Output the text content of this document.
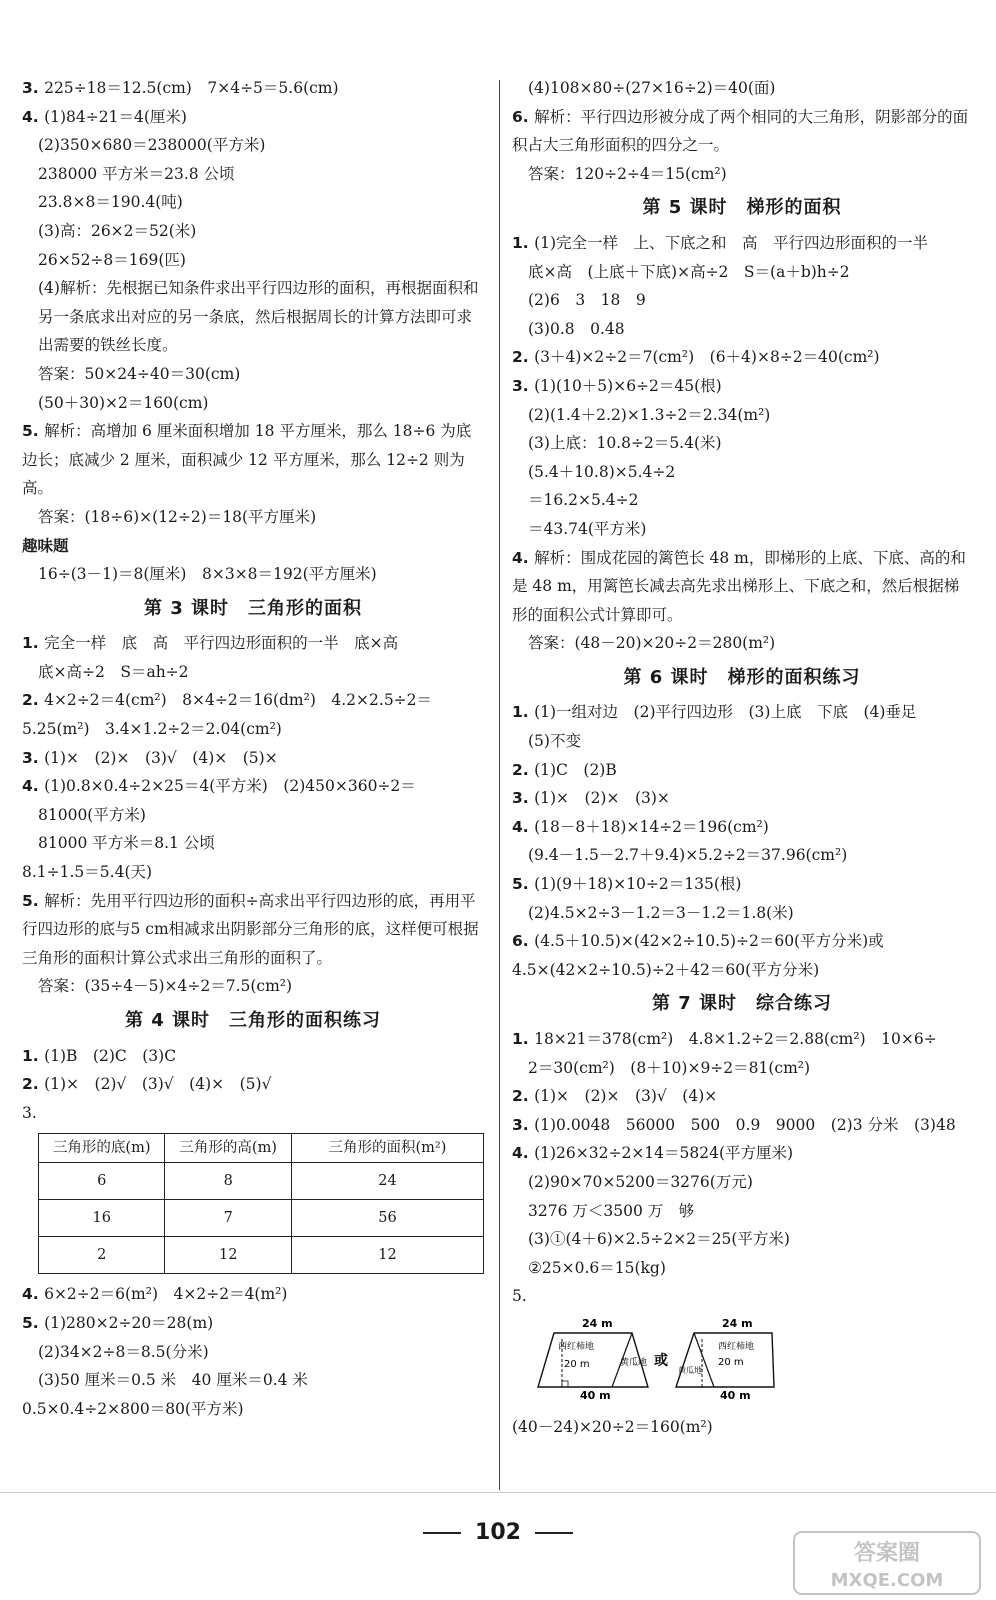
3. 225÷18＝12.5(cm)　7×4÷5＝5.6(cm)
4. (1)84÷21＝4(厘米)
(2)350×680＝238000(平方米)
238000 平方米＝23.8 公顷
23.8×8＝190.4(吨)
(3)高：26×2＝52(米)
26×52÷8＝169(匹)
(4)解析：先根据已知条件求出平行四边形的面积，再根据面积和另一条底求出对应的另一条底，然后根据周长的计算方法即可求出需要的铁丝长度。
答案：50×24÷40＝30(cm)
(50＋30)×2＝160(cm)
5. 解析：高增加 6 厘米面积增加 18 平方厘米，那么 18÷6 为底边长；底减少 2 厘米，面积减少 12 平方厘米，那么 12÷2 则为高。
答案：(18÷6)×(12÷2)＝18(平方厘米)
趣味题
16÷(3－1)＝8(厘米)　8×3×8＝192(平方厘米)
第 3 课时　三角形的面积
1. 完全一样　底　高　平行四边形面积的一半　底×高
底×高÷2　S＝ah÷2
2. 4×2÷2＝4(cm²)　8×4÷2＝16(dm²)　4.2×2.5÷2＝
5.25(m²)　3.4×1.2÷2＝2.04(cm²)
3. (1)×　(2)×　(3)√　(4)×　(5)×
4. (1)0.8×0.4÷2×25＝4(平方米)　(2)450×360÷2＝
81000(平方米)
81000 平方米＝8.1 公顷
8.1÷1.5＝5.4(天)
5. 解析：先用平行四边形的面积÷高求出平行四边形的底，再用平行四边形的底与5 cm相减求出阴影部分三角形的底，这样便可根据三角形的面积计算公式求出三角形的面积了。
答案：(35÷4－5)×4÷2＝7.5(cm²)
第 4 课时　三角形的面积练习
1. (1)B　(2)C　(3)C
2. (1)×　(2)√　(3)√　(4)×　(5)√
3.
三角形的底(m)	三角形的高(m)	三角形的面积(m²)
6	8	24
16	7	56
2	12	12
4. 6×2÷2＝6(m²)　4×2÷2＝4(m²)
5. (1)280×2÷20＝28(m)
(2)34×2÷8＝8.5(分米)
(3)50 厘米＝0.5 米　40 厘米＝0.4 米
0.5×0.4÷2×800＝80(平方米)
(4)108×80÷(27×16÷2)＝40(面)
6. 解析：平行四边形被分成了两个相同的大三角形，阴影部分的面积占大三角形面积的四分之一。
答案：120÷2÷4＝15(cm²)
第 5 课时　梯形的面积
1. (1)完全一样　上、下底之和　高　平行四边形面积的一半
底×高　(上底＋下底)×高÷2　S＝(a＋b)h÷2
(2)6　3　18　9
(3)0.8　0.48
2. (3＋4)×2÷2＝7(cm²)　(6＋4)×8÷2＝40(cm²)
3. (1)(10＋5)×6÷2＝45(根)
(2)(1.4＋2.2)×1.3÷2＝2.34(m²)
(3)上底：10.8÷2＝5.4(米)
(5.4＋10.8)×5.4÷2
＝16.2×5.4÷2
＝43.74(平方米)
4. 解析：围成花园的篱笆长 48 m，即梯形的上底、下底、高的和是 48 m，用篱笆长减去高先求出梯形上、下底之和，然后根据梯形的面积公式计算即可。
答案：(48－20)×20÷2＝280(m²)
第 6 课时　梯形的面积练习
1. (1)一组对边　(2)平行四边形　(3)上底　下底　(4)垂足
(5)不变
2. (1)C　(2)B
3. (1)×　(2)×　(3)×
4. (18－8＋18)×14÷2＝196(cm²)
(9.4－1.5－2.7＋9.4)×5.2÷2＝37.96(cm²)
5. (1)(9＋18)×10÷2＝135(根)
(2)4.5×2÷3－1.2＝3－1.2＝1.8(米)
6. (4.5＋10.5)×(42×2÷10.5)÷2＝60(平方分米)或 4.5×(42×2÷10.5)÷2＋42＝60(平方分米)
第 7 课时　综合练习
1. 18×21＝378(cm²)　4.8×1.2÷2＝2.88(cm²)　10×6÷
2＝30(cm²)　(8＋10)×9÷2＝81(cm²)
2. (1)×　(2)×　(3)√　(4)×
3. (1)0.0048　56000　500　0.9　9000　(2)3 分米　(3)48
4. (1)26×32÷2×14＝5824(平方厘米)
(2)90×70×5200＝3276(万元)
3276 万＜3500 万　够
(3)①(4＋6)×2.5÷2×2＝25(平方米)
②25×0.6＝15(kg)
5.
24 m
西红柿地
20 m	黄瓜地
40 m
或
24 m
西红柿地
20 m
黄瓜地
40 m
(40－24)×20÷2＝160(m²)
102
答案圈
MXQE.COM
